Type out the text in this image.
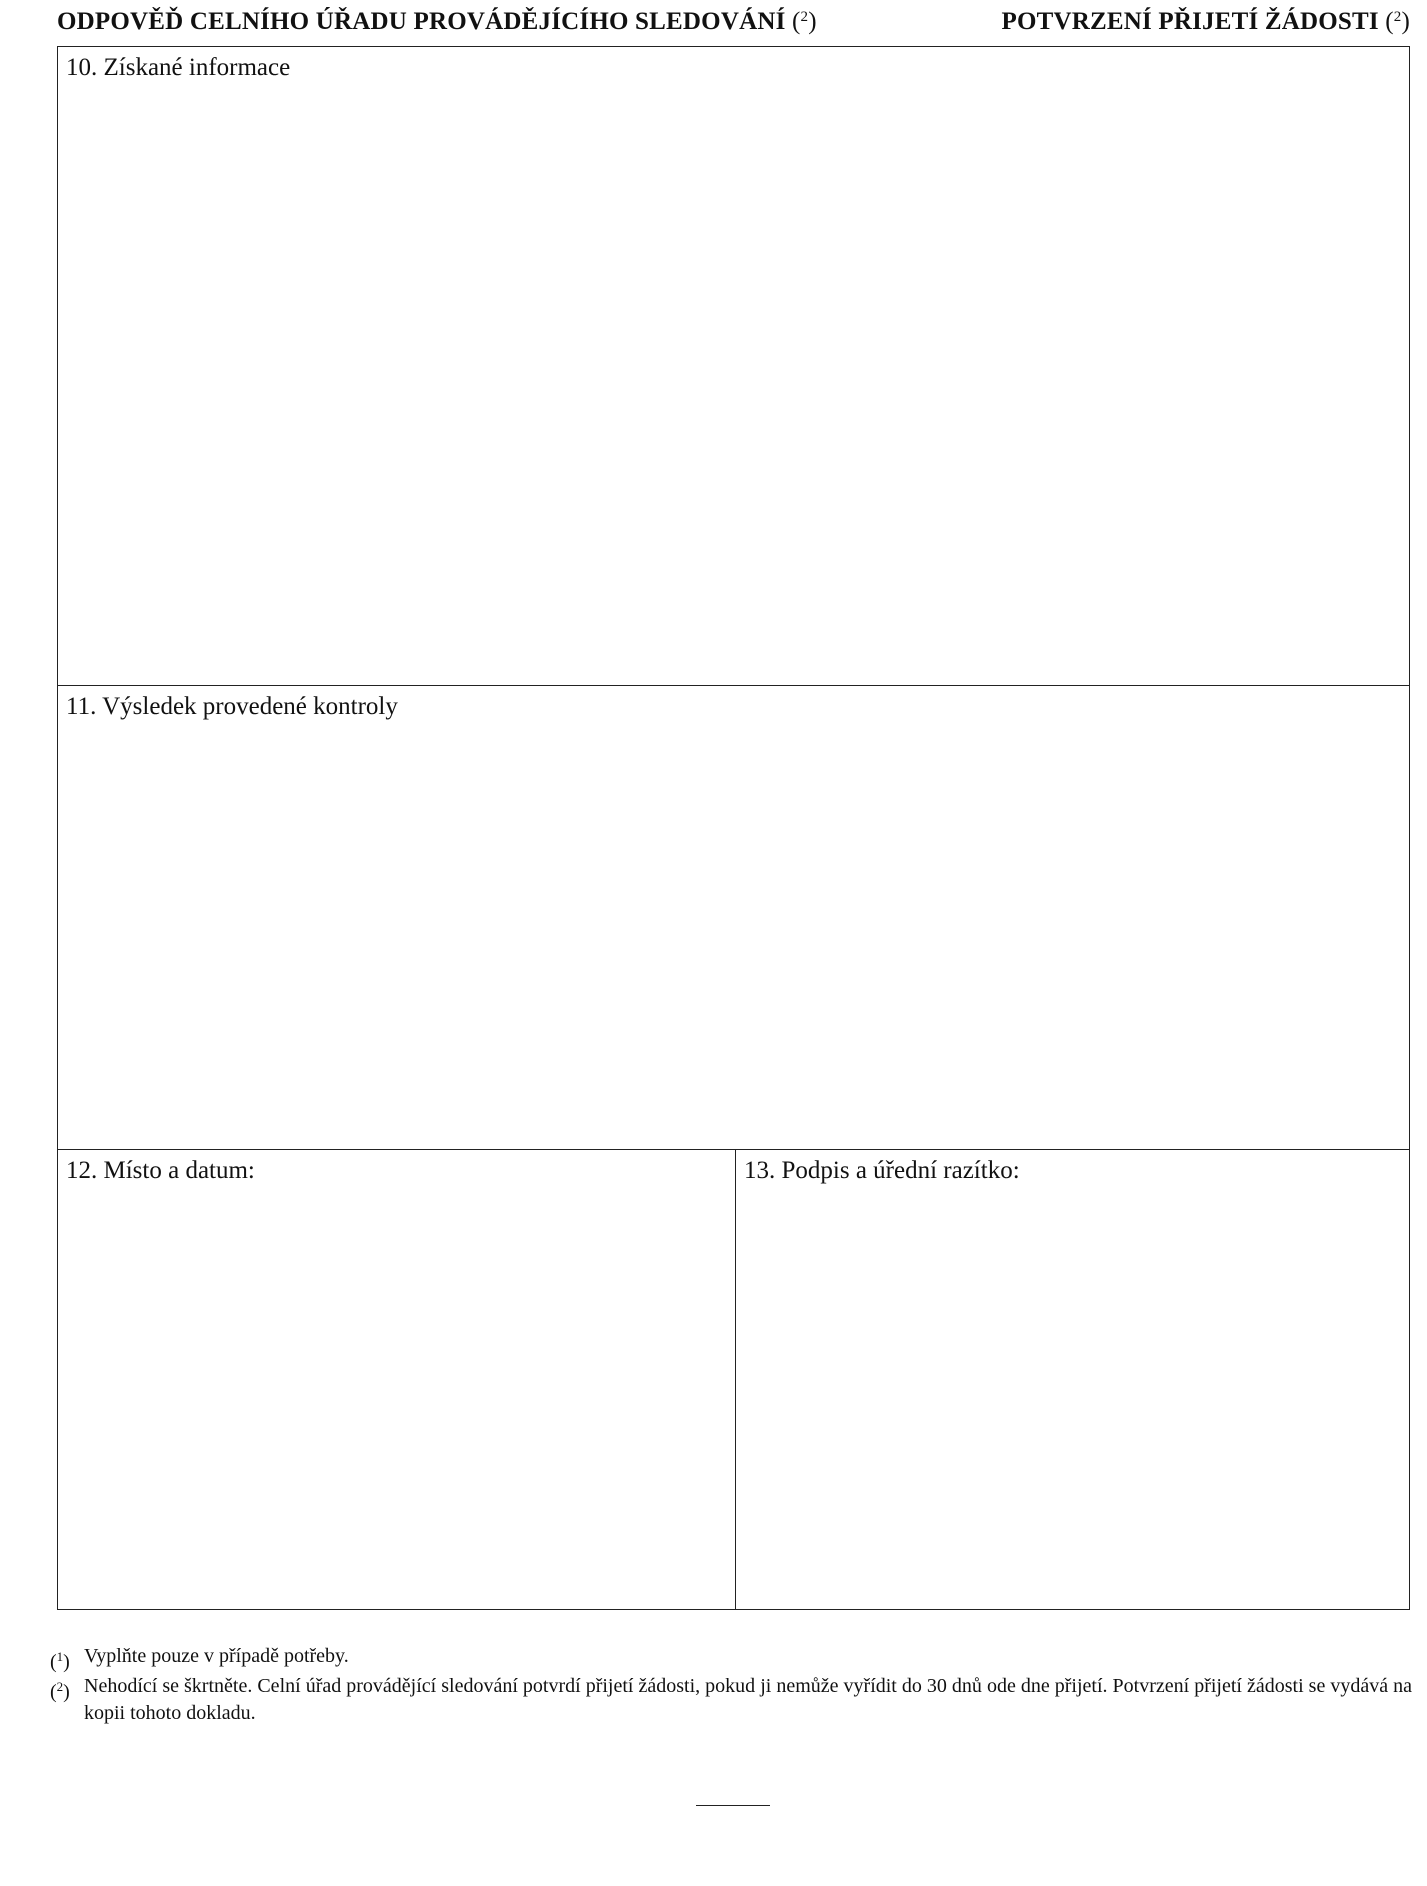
ODPOVĚĎ CELNÍHO ÚŘADU PROVÁDĚJÍCÍHO SLEDOVÁNÍ ($^2$)	POTVRZENÍ PŘIJETÍ ŽÁDOSTI ($^2$)
10. Získané informace
11. Výsledek provedené kontroly
12. Místo a datum:	13. Podpis a úřední razítko:
($^1$) Vyplňte pouze v případě potřeby.
($^2$) Nehodící se škrtněte. Celní úřad provádějící sledování potvrdí přijetí žádosti, pokud ji nemůže vyřídit do 30 dnů ode dne přijetí. Potvrzení přijetí žádosti se vydává na kopii tohoto dokladu.
